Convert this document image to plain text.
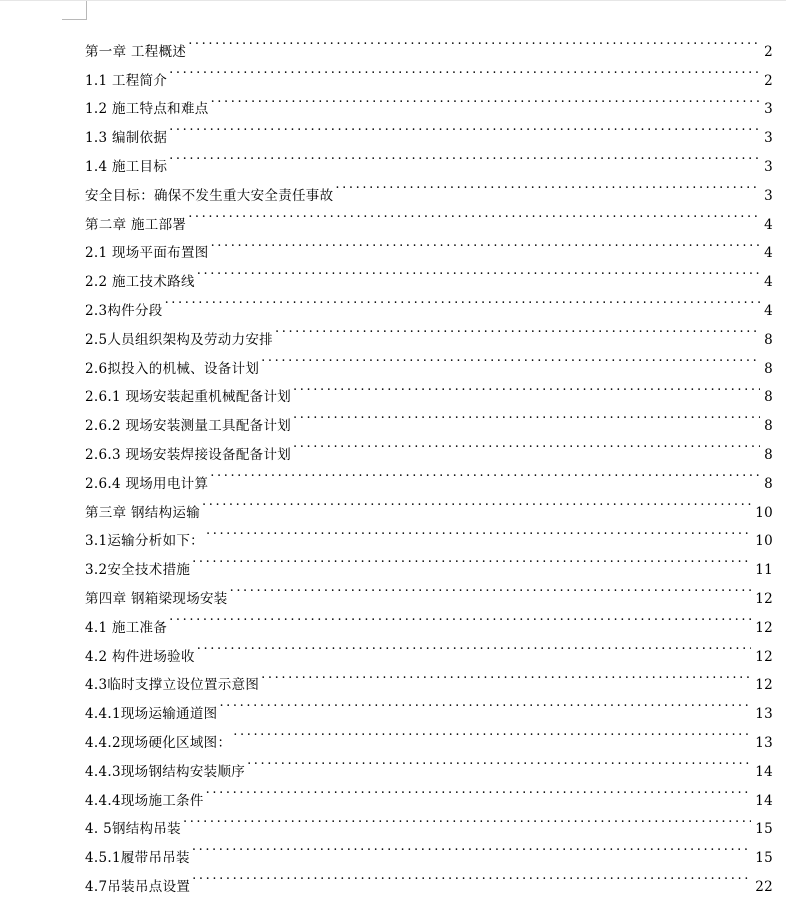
第一章 工程概述 .....	2
1.1 工程简介 .....	2
1.2 施工特点和难点 .....	3
1.3 编制依据 .....	3
1.4 施工目标 .....	3
安全目标：确保不发生重大安全责任事故 .....	3
第二章 施工部署 .....	4
2.1 现场平面布置图 .....	4
2.2 施工技术路线 .....	4
2.3构件分段 .....	4
2.5人员组织架构及劳动力安排 .....	8
2.6拟投入的机械、设备计划 .....	8
2.6.1 现场安装起重机械配备计划 .....	8
2.6.2 现场安装测量工具配备计划 .....	8
2.6.3 现场安装焊接设备配备计划 .....	8
2.6.4 现场用电计算 .....	8
第三章 钢结构运输 .....	10
3.1运输分析如下： .....	10
3.2安全技术措施 .....	11
第四章 钢箱梁现场安装 .....	12
4.1 施工准备 .....	12
4.2 构件进场验收 .....	12
4.3临时支撑立设位置示意图 .....	12
4.4.1现场运输通道图 .....	13
4.4.2现场硬化区域图： .....	13
4.4.3现场钢结构安装顺序 .....	14
4.4.4现场施工条件 .....	14
4. 5钢结构吊装 .....	15
4.5.1履带吊吊装 .....	15
4.7吊装吊点设置 .....	22
